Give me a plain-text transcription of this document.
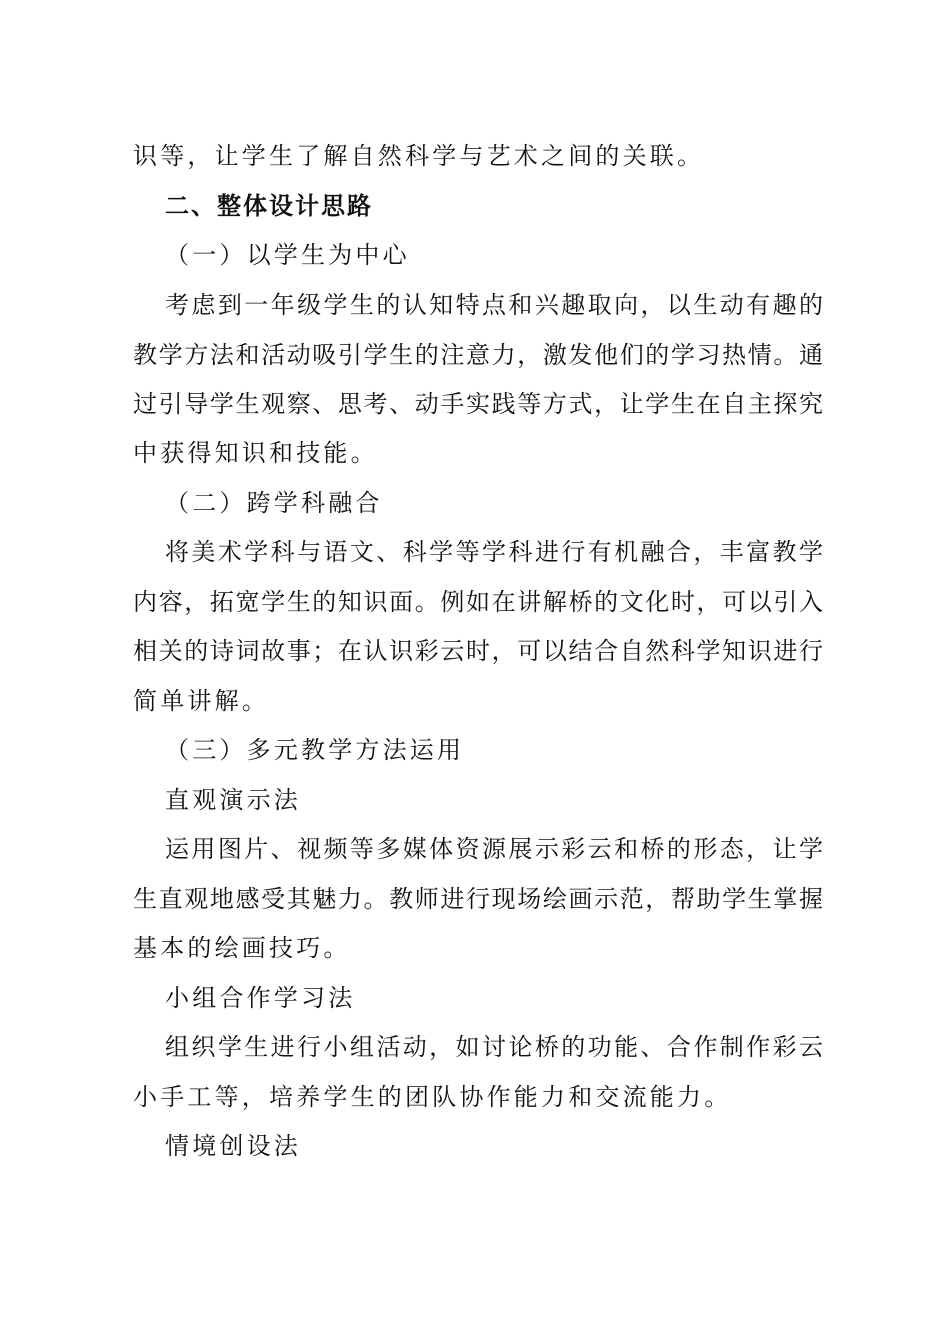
识等，让学生了解自然科学与艺术之间的关联。
二、整体设计思路
（一）以学生为中心
考虑到一年级学生的认知特点和兴趣取向，以生动有趣的
教学方法和活动吸引学生的注意力，激发他们的学习热情。通
过引导学生观察、思考、动手实践等方式，让学生在自主探究
中获得知识和技能。
（二）跨学科融合
将美术学科与语文、科学等学科进行有机融合，丰富教学
内容，拓宽学生的知识面。例如在讲解桥的文化时，可以引入
相关的诗词故事；在认识彩云时，可以结合自然科学知识进行
简单讲解。
（三）多元教学方法运用
直观演示法
运用图片、视频等多媒体资源展示彩云和桥的形态，让学
生直观地感受其魅力。教师进行现场绘画示范，帮助学生掌握
基本的绘画技巧。
小组合作学习法
组织学生进行小组活动，如讨论桥的功能、合作制作彩云
小手工等，培养学生的团队协作能力和交流能力。
情境创设法
